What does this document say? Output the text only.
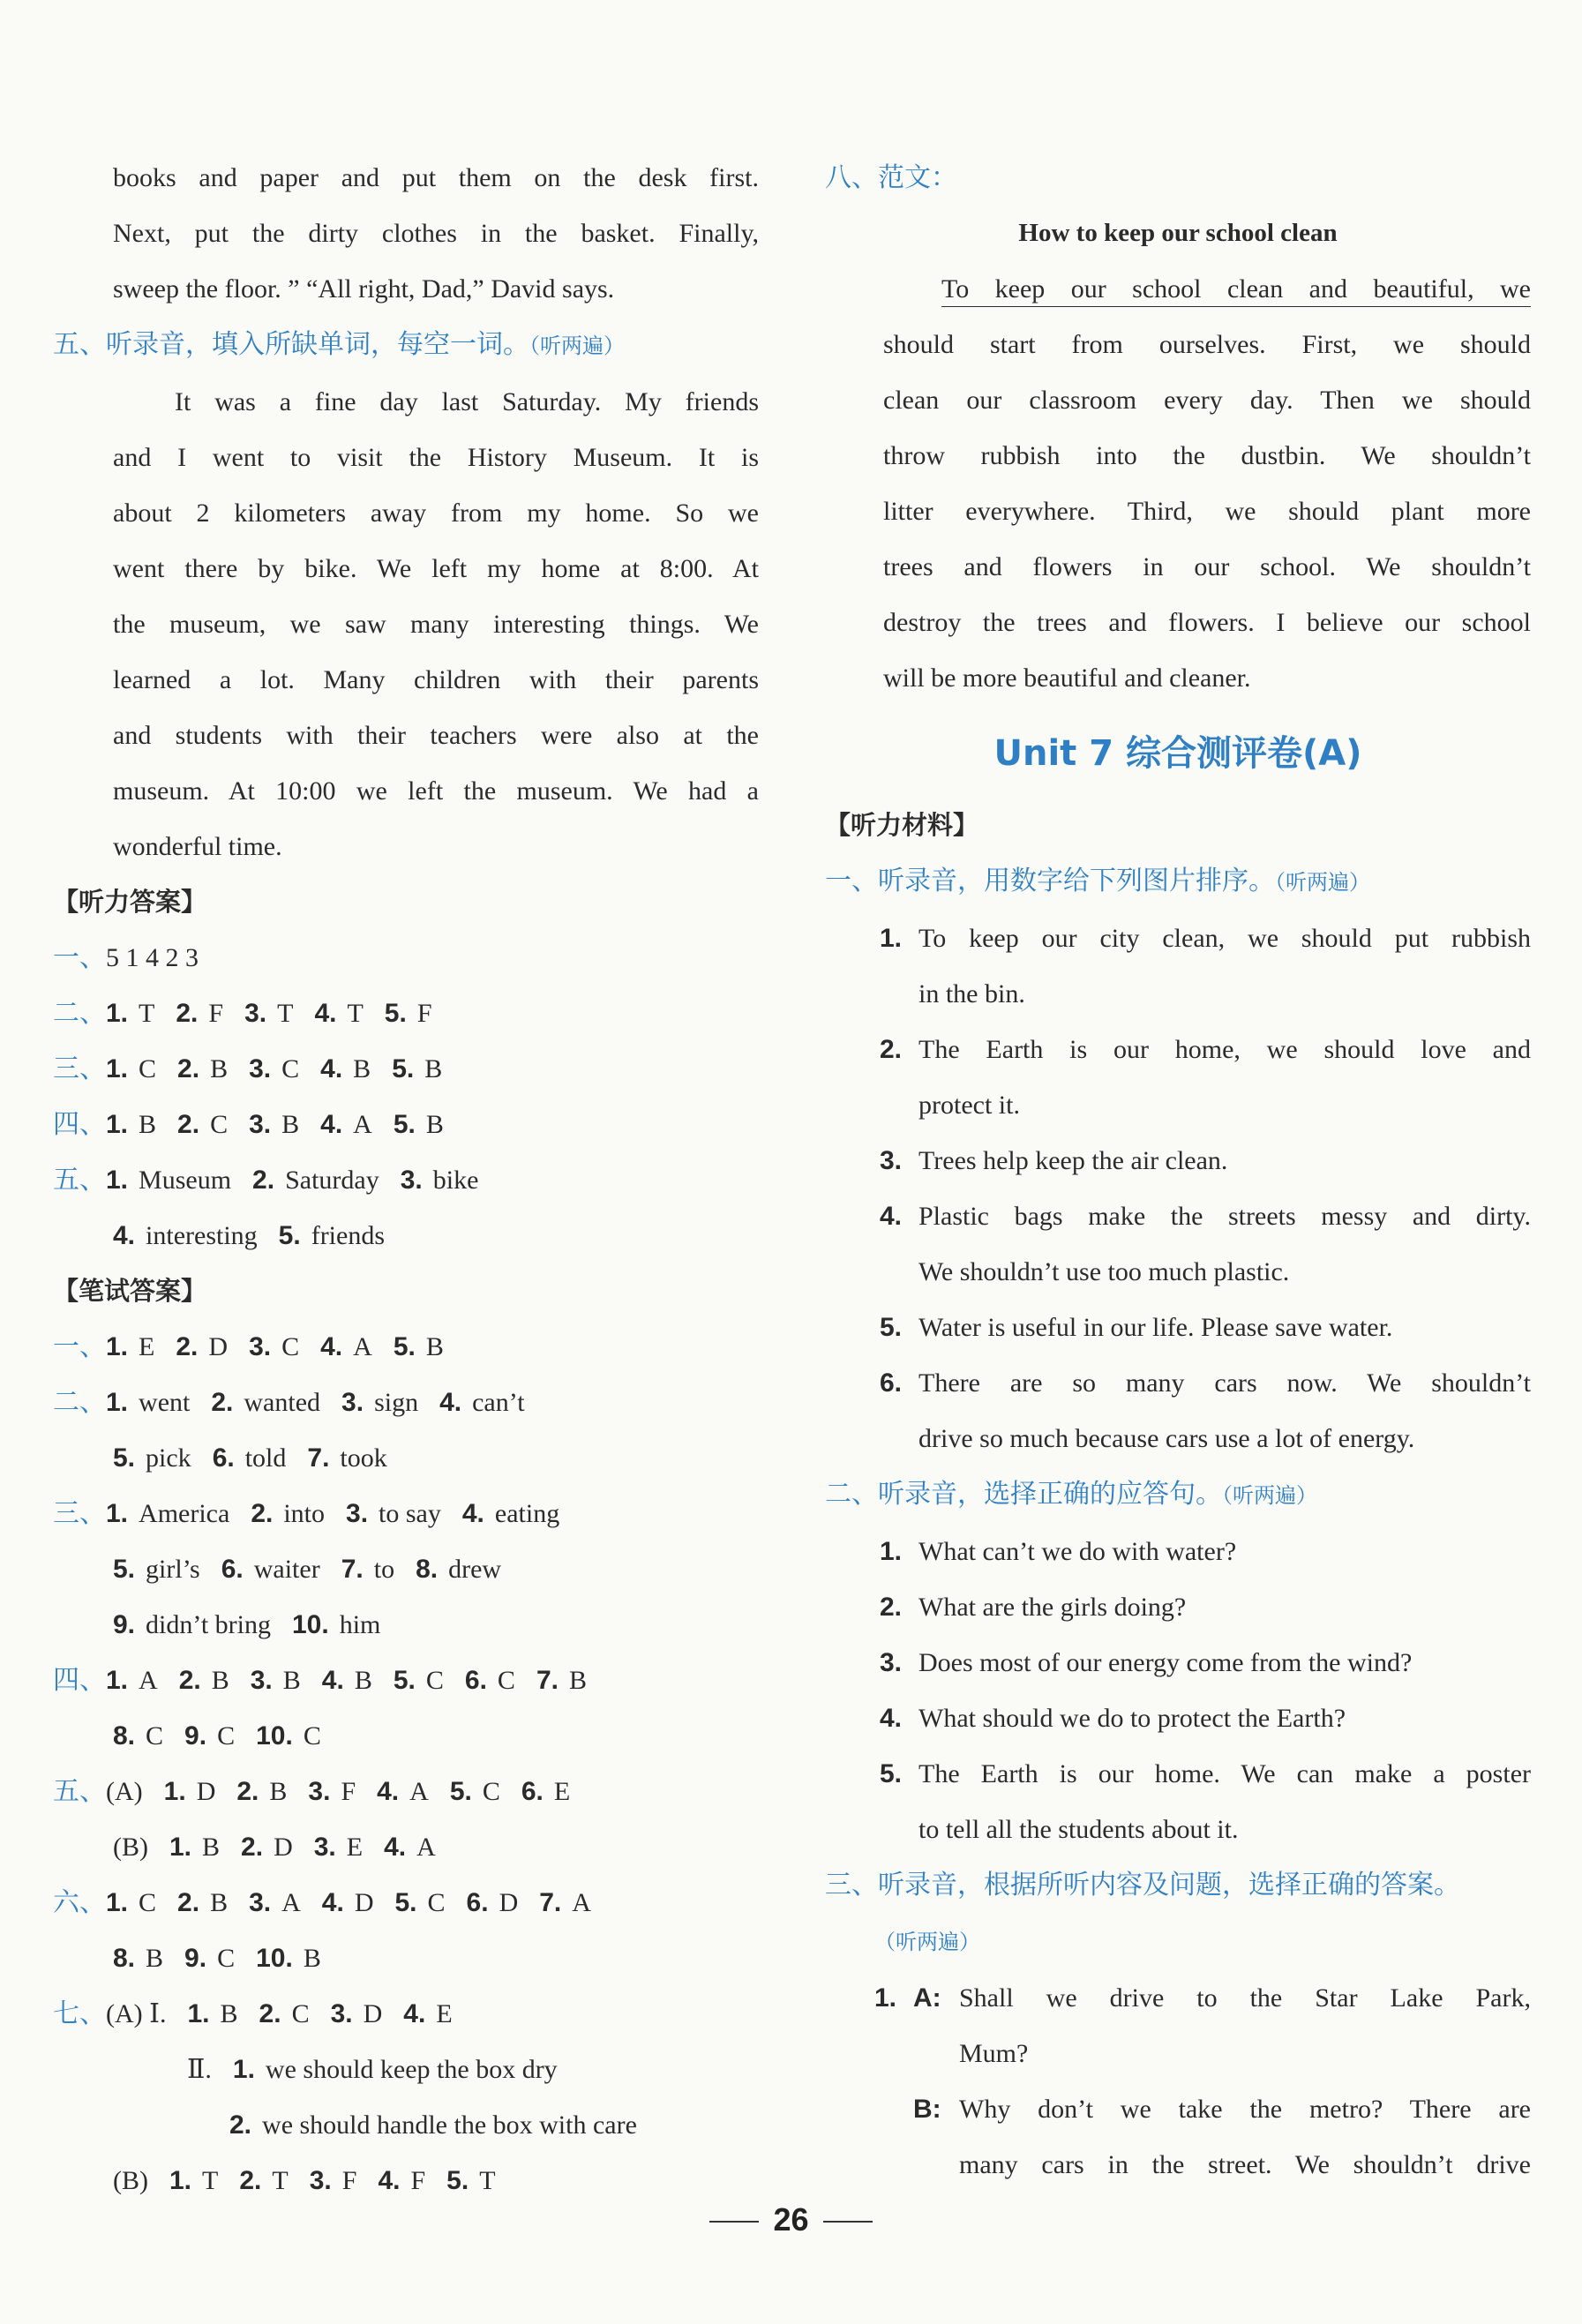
books and paper and put them on the desk first.
Next, put the dirty clothes in the basket. Finally,
sweep the floor. ” “All right, Dad,” David says.
五、听录音，填入所缺单词，每空一词。（听两遍）
It was a fine day last Saturday. My friends
and I went to visit the History Museum. It is
about 2 kilometers away from my home. So we
went there by bike. We left my home at 8:00. At
the museum, we saw many interesting things. We
learned a lot. Many children with their parents
and students with their teachers were also at the
museum. At 10:00 we left the museum. We had a
wonderful time.
【听力答案】
一、5 1 4 2 3
二、1. T 2. F 3. T 4. T 5. F
三、1. C 2. B 3. C 4. B 5. B
四、1. B 2. C 3. B 4. A 5. B
五、1. Museum 2. Saturday 3. bike
4. interesting 5. friends
【笔试答案】
一、1. E 2. D 3. C 4. A 5. B
二、1. went 2. wanted 3. sign 4. can’t
5. pick 6. told 7. took
三、1. America 2. into 3. to say 4. eating
5. girl’s 6. waiter 7. to 8. drew
9. didn’t bring 10. him
四、1. A 2. B 3. B 4. B 5. C 6. C 7. B
8. C 9. C 10. C
五、(A) 1. D 2. B 3. F 4. A 5. C 6. E
(B) 1. B 2. D 3. E 4. A
六、1. C 2. B 3. A 4. D 5. C 6. D 7. A
8. B 9. C 10. B
七、(A) Ⅰ. 1. B 2. C 3. D 4. E
Ⅱ. 1. we should keep the box dry
2. we should handle the box with care
(B) 1. T 2. T 3. F 4. F 5. T
八、范文：
How to keep our school clean
To keep our school clean and beautiful, we
should start from ourselves. First, we should
clean our classroom every day. Then we should
throw rubbish into the dustbin. We shouldn’t
litter everywhere. Third, we should plant more
trees and flowers in our school. We shouldn’t
destroy the trees and flowers. I believe our school
will be more beautiful and cleaner.
Unit 7 综合测评卷(A)
【听力材料】
一、听录音，用数字给下列图片排序。（听两遍）
1. To keep our city clean, we should put rubbish
in the bin.
2. The Earth is our home, we should love and
protect it.
3. Trees help keep the air clean.
4. Plastic bags make the streets messy and dirty.
We shouldn’t use too much plastic.
5. Water is useful in our life. Please save water.
6. There are so many cars now. We shouldn’t
drive so much because cars use a lot of energy.
二、听录音，选择正确的应答句。（听两遍）
1. What can’t we do with water?
2. What are the girls doing?
3. Does most of our energy come from the wind?
4. What should we do to protect the Earth?
5. The Earth is our home. We can make a poster
to tell all the students about it.
三、听录音，根据所听内容及问题，选择正确的答案。
（听两遍）
1. A: Shall we drive to the Star Lake Park,
Mum?
B: Why don’t we take the metro? There are
many cars in the street. We shouldn’t drive
26
